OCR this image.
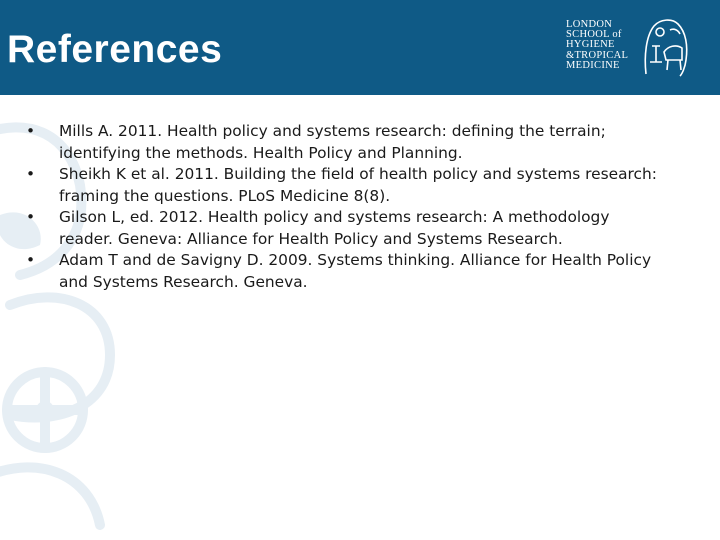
References
LONDON
SCHOOL of
HYGIENE
&TROPICAL
MEDICINE
•	Mills A. 2011. Health policy and systems research: defining the terrain; identifying the methods. Health Policy and Planning.
•	Sheikh K et al. 2011. Building the field of health policy and systems research: framing the questions. PLoS Medicine 8(8).
•	Gilson L, ed. 2012. Health policy and systems research: A methodology reader. Geneva: Alliance for Health Policy and Systems Research.
•	Adam T and de Savigny D. 2009. Systems thinking. Alliance for Health Policy and Systems Research. Geneva.
